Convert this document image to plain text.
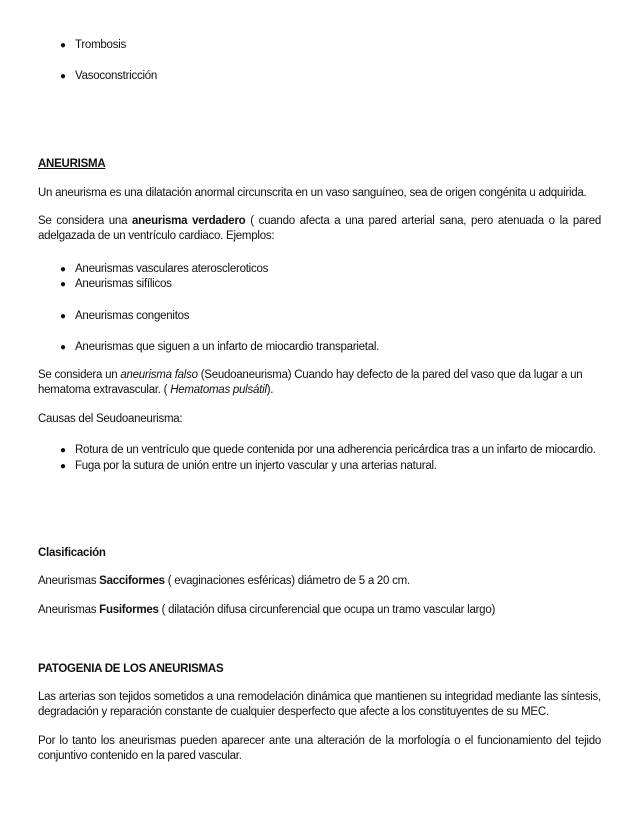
● Trombosis
● Vasoconstricción
ANEURISMA
Un aneurisma es una dilatación anormal circunscrita en un vaso sanguíneo, sea de origen congénita u adquirida.
Se considera una aneurisma verdadero ( cuando afecta a una pared arterial sana, pero atenuada o la pared adelgazada de un ventrículo cardiaco. Ejemplos:
● Aneurismas vasculares ateroscleroticos
● Aneurismas sifílicos
● Aneurismas congenitos
● Aneurismas que siguen a un infarto de miocardio transparietal.
Se considera un aneurisma falso (Seudoaneurisma) Cuando hay defecto de la pared del vaso que da lugar a un hematoma extravascular. ( Hematomas pulsátil).
Causas del Seudoaneurisma:
● Rotura de un ventrículo que quede contenida por una adherencia pericárdica tras a un infarto de miocardio.
● Fuga por la sutura de unión entre un injerto vascular y una arterias natural.
Clasificación
Aneurismas Sacciformes ( evaginaciones esféricas) diámetro de 5 a 20 cm.
Aneurismas Fusiformes ( dilatación difusa circunferencial que ocupa un tramo vascular largo)
PATOGENIA DE LOS ANEURISMAS
Las arterias son tejidos sometidos a una remodelación dinámica que mantienen su integridad mediante las síntesis, degradación y reparación constante de cualquier desperfecto que afecte a los constituyentes de su MEC.
Por lo tanto los aneurismas pueden aparecer ante una alteración de la morfología o el funcionamiento del tejido conjuntivo contenido en la pared vascular.
